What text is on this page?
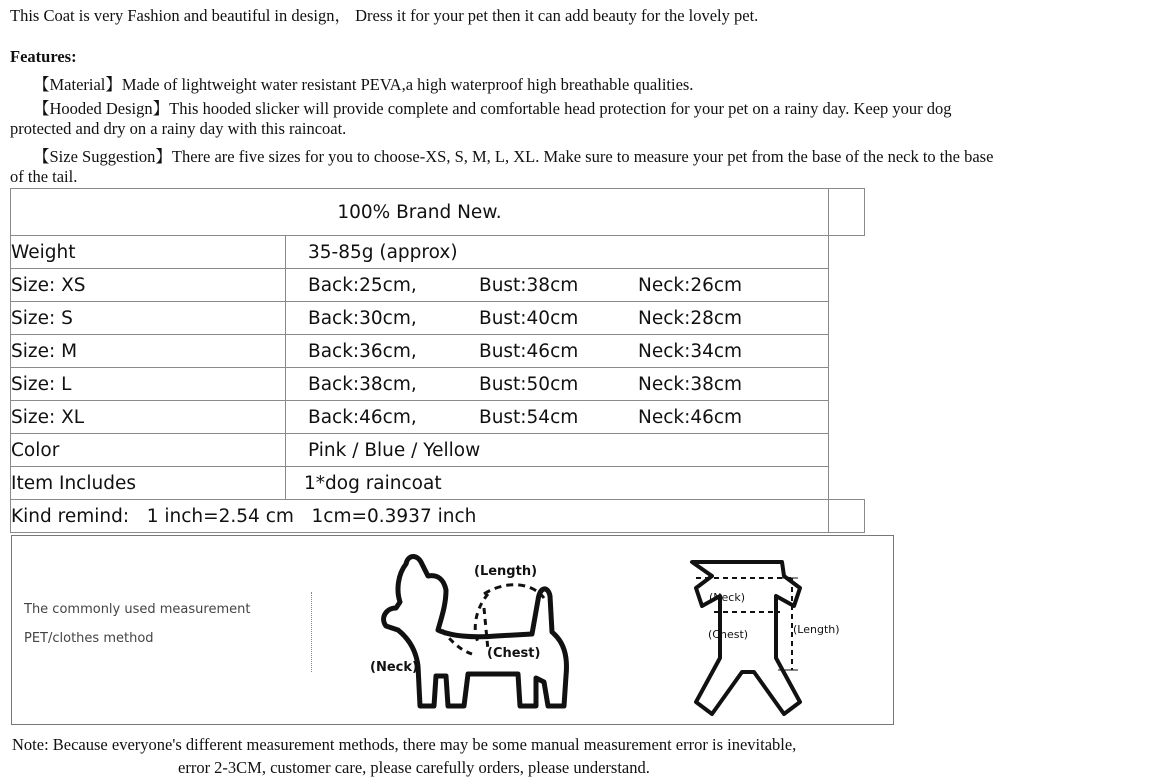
This Coat is very Fashion and beautiful in design， Dress it for your pet then it can add beauty for the lovely pet.
Features:
【Material】Made of lightweight water resistant PEVA,a high waterproof high breathable qualities.
【Hooded Design】This hooded slicker will provide complete and comfortable head protection for your pet on a rainy day. Keep your dog
protected and dry on a rainy day with this raincoat.
【Size Suggestion】There are five sizes for you to choose-XS, S, M, L, XL. Make sure to measure your pet from the base of the neck to the base
of the tail.
100% Brand New.		
Weight	35-85g (approx)	
Size: XS	Back:25cm, Bust:38cm Neck:26cm	
Size: S	Back:30cm, Bust:40cm Neck:28cm	
Size: M	Back:36cm, Bust:46cm Neck:34cm	
Size: L	Back:38cm, Bust:50cm Neck:38cm	
Size: XL	Back:46cm, Bust:54cm Neck:46cm	
Color	Pink / Blue / Yellow	
Item Includes	1*dog raincoat	
Kind remind:   1 inch=2.54 cm   1cm=0.3937 inch		
The commonly used measurement
PET/clothes method
(Length)
(Chest)
(Neck)
(Neck)
(Chest)	(Length)
Note: Because everyone's different measurement methods, there may be some manual measurement error is inevitable,
error 2-3CM, customer care, please carefully orders, please understand.
